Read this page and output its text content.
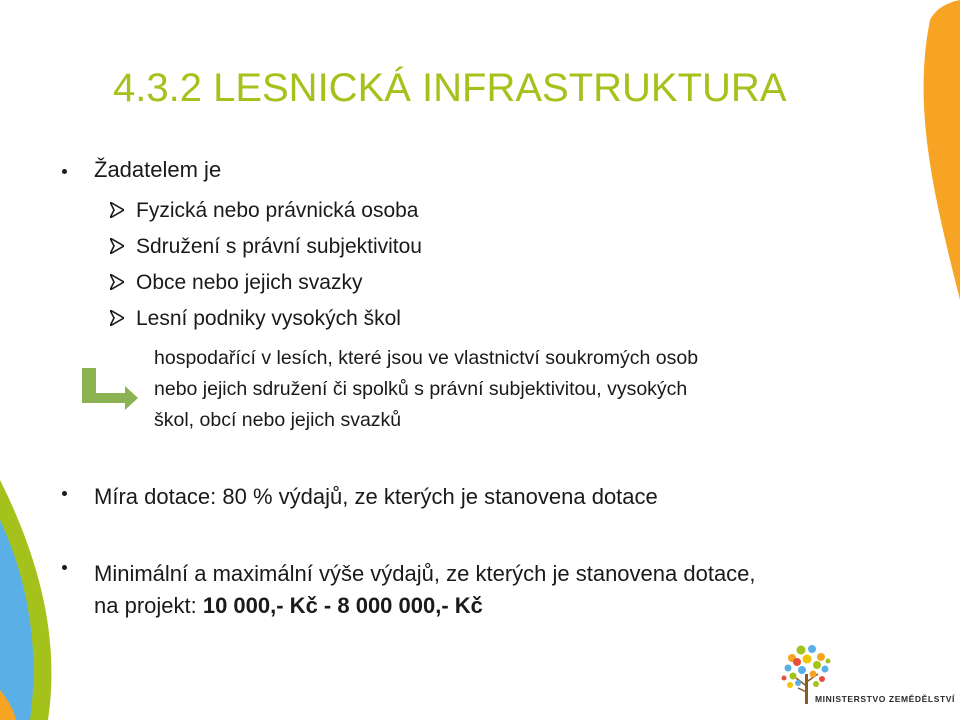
4.3.2 LESNICKÁ INFRASTRUKTURA
Žadatelem je
Fyzická nebo právnická osoba
Sdružení s právní subjektivitou
Obce nebo jejich svazky
Lesní podniky vysokých škol
hospodařící v lesích, které jsou ve vlastnictví soukromých osob
nebo jejich sdružení či spolků s právní subjektivitou, vysokých
škol, obcí nebo jejich svazků
Míra dotace: 80 % výdajů, ze kterých je stanovena dotace
Minimální a maximální výše výdajů, ze kterých je stanovena dotace,
na projekt: 10 000,- Kč - 8 000 000,- Kč
MINISTERSTVO ZEMĚDĚLSTVÍ
